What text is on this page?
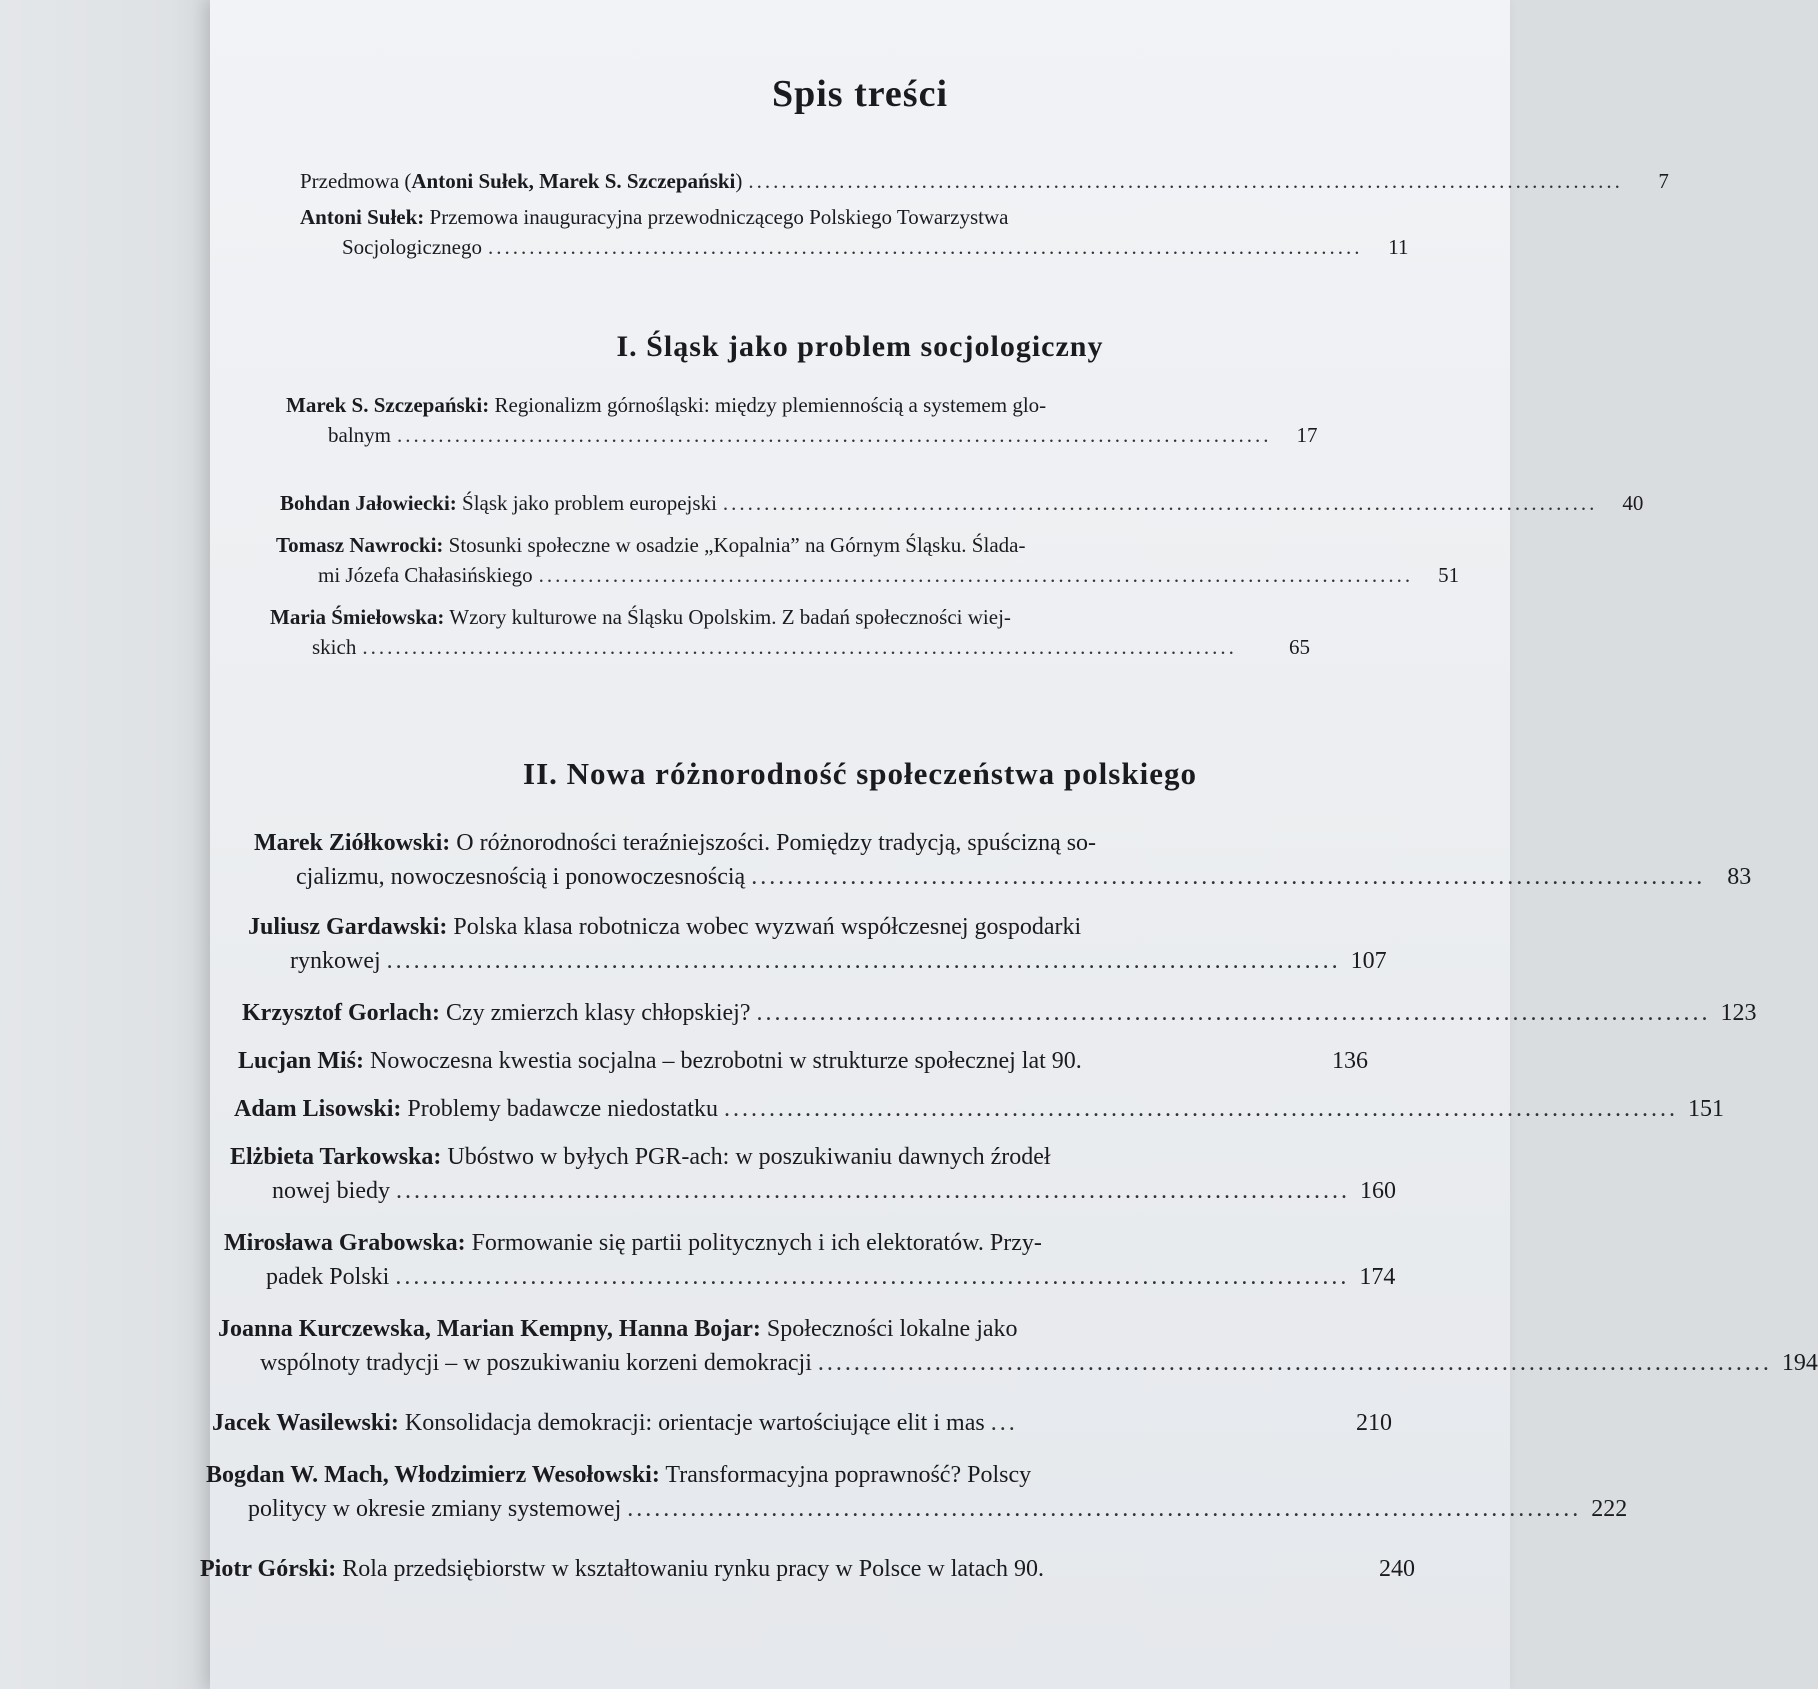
Spis treści
Przedmowa (Antoni Sułek, Marek S. Szczepański) ..........................................................................................................	7
Antoni Sułek: Przemowa inauguracyjna przewodniczącego Polskiego Towarzystwa
Socjologicznego ..........................................................................................................	11
I. Śląsk jako problem socjologiczny
Marek S. Szczepański: Regionalizm górnośląski: między plemiennością a systemem glo-
balnym ..........................................................................................................	17
Bohdan Jałowiecki: Śląsk jako problem europejski ..........................................................................................................	40
Tomasz Nawrocki: Stosunki społeczne w osadzie „Kopalnia” na Górnym Śląsku. Ślada-
mi Józefa Chałasińskiego ..........................................................................................................	51
Maria Śmiełowska: Wzory kulturowe na Śląsku Opolskim. Z badań społeczności wiej-
skich ..........................................................................................................	65
II. Nowa różnorodność społeczeństwa polskiego
Marek Ziółkowski: O różnorodności teraźniejszości. Pomiędzy tradycją, spuścizną so-
cjalizmu, nowoczesnością i ponowoczesnością .......................................................................................................... 83
Juliusz Gardawski: Polska klasa robotnicza wobec wyzwań współczesnej gospodarki
rynkowej .......................................................................................................... 107
Krzysztof Gorlach: Czy zmierzch klasy chłopskiej? .......................................................................................................... 123
Lucjan Miś: Nowoczesna kwestia socjalna – bezrobotni w strukturze społecznej lat 90.	136
Adam Lisowski: Problemy badawcze niedostatku .......................................................................................................... 151
Elżbieta Tarkowska: Ubóstwo w byłych PGR-ach: w poszukiwaniu dawnych źrodeł
nowej biedy .......................................................................................................... 160
Mirosława Grabowska: Formowanie się partii politycznych i ich elektoratów. Przy-
padek Polski .......................................................................................................... 174
Joanna Kurczewska, Marian Kempny, Hanna Bojar: Społeczności lokalne jako
wspólnoty tradycji – w poszukiwaniu korzeni demokracji .......................................................................................................... 194
Jacek Wasilewski: Konsolidacja demokracji: orientacje wartościujące elit i mas ...	210
Bogdan W. Mach, Włodzimierz Wesołowski: Transformacyjna poprawność? Polscy
politycy w okresie zmiany systemowej .......................................................................................................... 222
Piotr Górski: Rola przedsiębiorstw w kształtowaniu rynku pracy w Polsce w latach 90.	240
